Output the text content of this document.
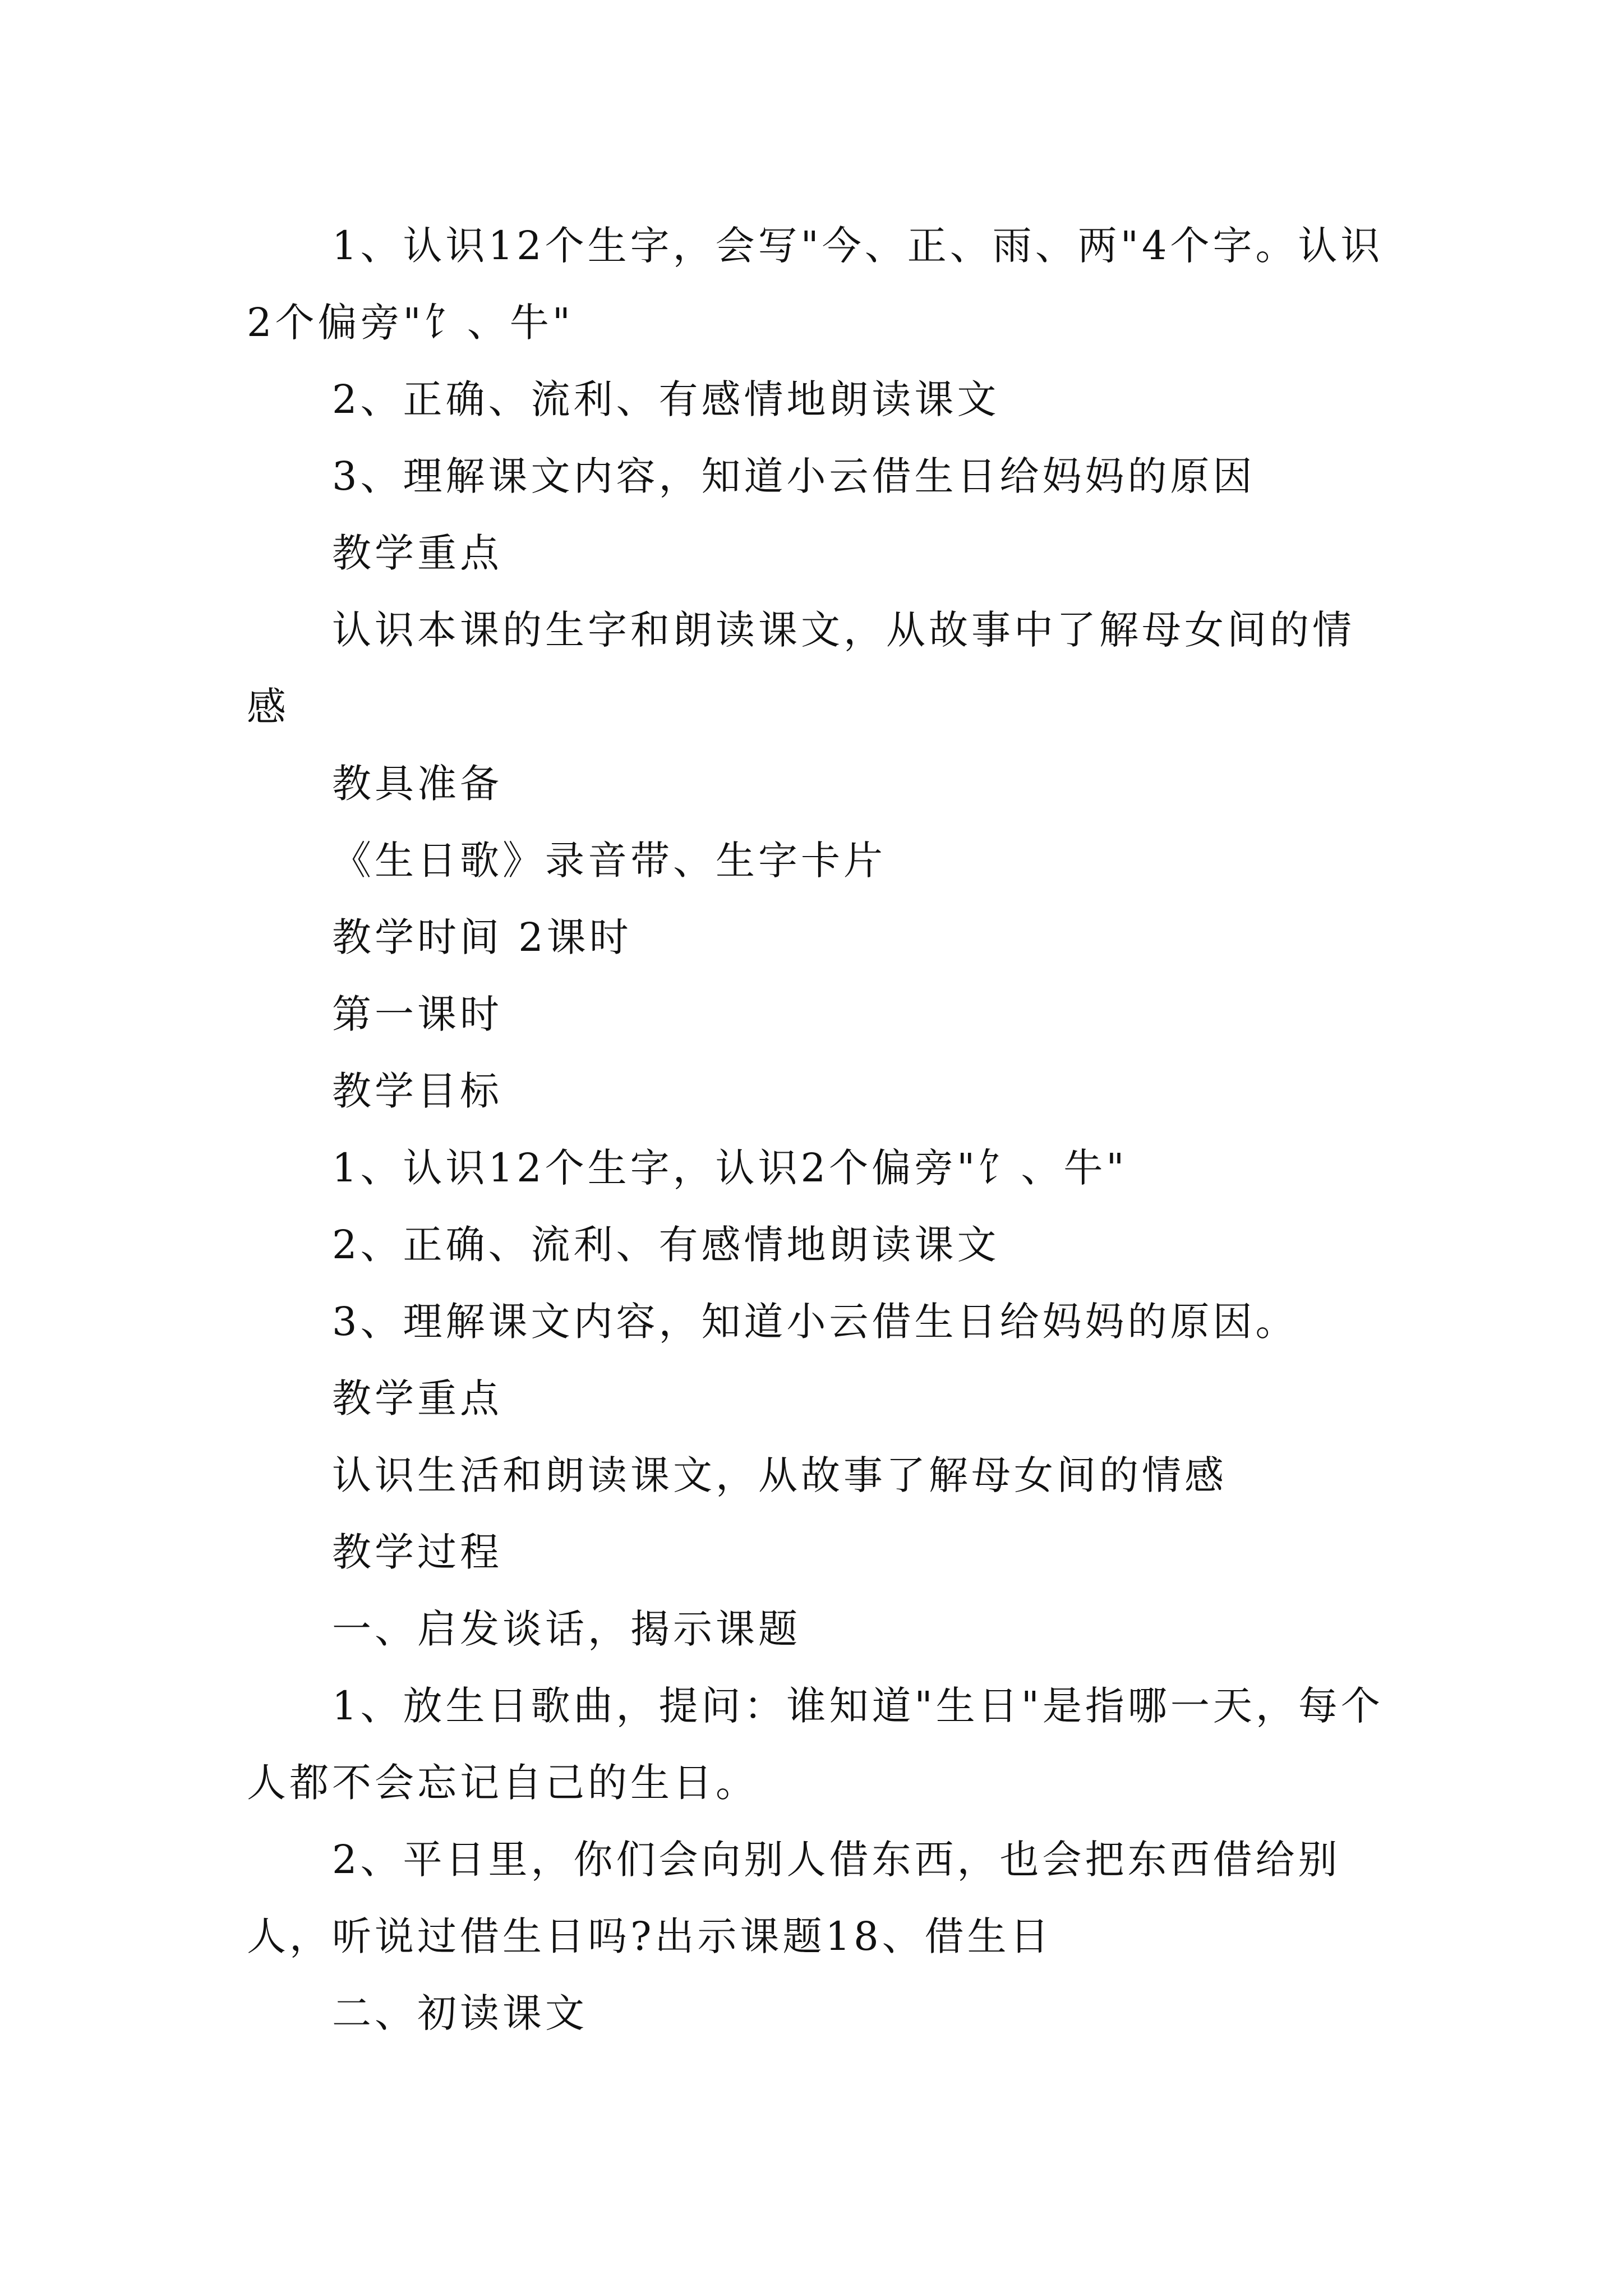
1、认识12个生字，会写"今、正、雨、两"4个字。认识2个偏旁"饣、牛"

2、正确、流利、有感情地朗读课文

3、理解课文内容，知道小云借生日给妈妈的原因

教学重点

认识本课的生字和朗读课文，从故事中了解母女间的情感

教具准备

《生日歌》录音带、生字卡片

教学时间 2课时

第一课时

教学目标

1、认识12个生字，认识2个偏旁"饣、牛"

2、正确、流利、有感情地朗读课文

3、理解课文内容，知道小云借生日给妈妈的原因。

教学重点

认识生活和朗读课文，从故事了解母女间的情感

教学过程

一、启发谈话，揭示课题

1、放生日歌曲，提问：谁知道"生日"是指哪一天，每个人都不会忘记自己的生日。

2、平日里，你们会向别人借东西，也会把东西借给别人，听说过借生日吗?出示课题18、借生日

二、初读课文
